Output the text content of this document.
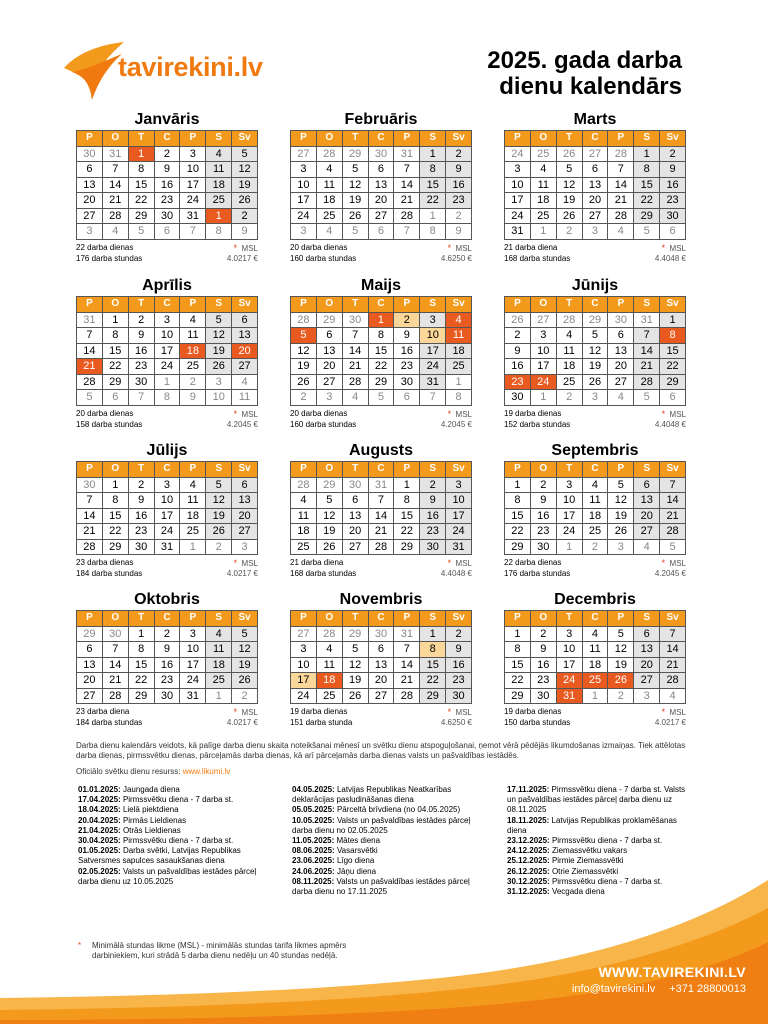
tavirekini.lv	2025. gada darba
dienu kalendārs
Janvāris
P	O	T	C	P	S	Sv
30	31	1	2	3	4	5
6	7	8	9	10	11	12
13	14	15	16	17	18	19
20	21	22	23	24	25	26
27	28	29	30	31	1	2
3	4	5	6	7	8	9
22 darba dienas	* MSL
176 darba stundas	4.0217 €
Februāris
P	O	T	C	P	S	Sv
27	28	29	30	31	1	2
3	4	5	6	7	8	9
10	11	12	13	14	15	16
17	18	19	20	21	22	23
24	25	26	27	28	1	2
3	4	5	6	7	8	9
20 darba dienas	* MSL
160 darba stundas	4.6250 €
Marts
P	O	T	C	P	S	Sv
24	25	26	27	28	1	2
3	4	5	6	7	8	9
10	11	12	13	14	15	16
17	18	19	20	21	22	23
24	25	26	27	28	29	30
31	1	2	3	4	5	6
21 darba diena	* MSL
168 darba stundas	4.4048 €
Aprīlis
P	O	T	C	P	S	Sv
31	1	2	3	4	5	6
7	8	9	10	11	12	13
14	15	16	17	18	19	20
21	22	23	24	25	26	27
28	29	30	1	2	3	4
5	6	7	8	9	10	11
20 darba dienas	* MSL
158 darba stundas	4.2045 €
Maijs
P	O	T	C	P	S	Sv
28	29	30	1	2	3	4
5	6	7	8	9	10	11
12	13	14	15	16	17	18
19	20	21	22	23	24	25
26	27	28	29	30	31	1
2	3	4	5	6	7	8
20 darba dienas	* MSL
160 darba stundas	4.2045 €
Jūnijs
P	O	T	C	P	S	Sv
26	27	28	29	30	31	1
2	3	4	5	6	7	8
9	10	11	12	13	14	15
16	17	18	19	20	21	22
23	24	25	26	27	28	29
30	1	2	3	4	5	6
19 darba dienas	* MSL
152 darba stundas	4.4048 €
Jūlijs
P	O	T	C	P	S	Sv
30	1	2	3	4	5	6
7	8	9	10	11	12	13
14	15	16	17	18	19	20
21	22	23	24	25	26	27
28	29	30	31	1	2	3
23 darba dienas	* MSL
184 darba stundas	4.0217 €
Augusts
P	O	T	C	P	S	Sv
28	29	30	31	1	2	3
4	5	6	7	8	9	10
11	12	13	14	15	16	17
18	19	20	21	22	23	24
25	26	27	28	29	30	31
21 darba diena	* MSL
168 darba stundas	4.4048 €
Septembris
P	O	T	C	P	S	Sv
1	2	3	4	5	6	7
8	9	10	11	12	13	14
15	16	17	18	19	20	21
22	23	24	25	26	27	28
29	30	1	2	3	4	5
22 darba dienas	* MSL
176 darba stundas	4.2045 €
Oktobris
P	O	T	C	P	S	Sv
29	30	1	2	3	4	5
6	7	8	9	10	11	12
13	14	15	16	17	18	19
20	21	22	23	24	25	26
27	28	29	30	31	1	2
23 darba diena	* MSL
184 darba stundas	4.0217 €
Novembris
P	O	T	C	P	S	Sv
27	28	29	30	31	1	2
3	4	5	6	7	8	9
10	11	12	13	14	15	16
17	18	19	20	21	22	23
24	25	26	27	28	29	30
19 darba dienas	* MSL
151 darba stunda	4.6250 €
Decembris
P	O	T	C	P	S	Sv
1	2	3	4	5	6	7
8	9	10	11	12	13	14
15	16	17	18	19	20	21
22	23	24	25	26	27	28
29	30	31	1	2	3	4
19 darba dienas	* MSL
150 darba stundas	4.0217 €
Darba dienu kalendārs veidots, kā palīge darba dienu skaita noteikšanai mēnesī un svētku dienu atspoguļošanai, ņemot vērā pēdējās likumdošanas izmaiņas. Tiek attēlotas darba dienas, pirmssvētku dienas, pārceļamās darba dienas, kā arī pārceļamās darba dienas valsts un pašvaldības iestādēs.
Oficiālo svētku dienu resurss: www.likumi.lv
01.01.2025: Jaungada diena
17.04.2025: Pirmssvētku diena - 7 darba st.
18.04.2025: Lielā piektdiena
20.04.2025: Pirmās Lieldienas
21.04.2025: Otrās Lieldienas
30.04.2025: Pirmssvētku diena - 7 darba st.
01.05.2025: Darba svētki, Latvijas Republikas Satversmes sapulces sasaukšanas diena
02.05.2025: Valsts un pašvaldības iestādes pārceļ darba dienu uz 10.05.2025
04.05.2025: Latvijas Republikas Neatkarības deklarācijas pasludināšanas diena
05.05.2025: Pārceltā brīvdiena (no 04.05.2025)
10.05.2025: Valsts un pašvaldības iestādes pārceļ darba dienu no 02.05.2025
11.05.2025: Mātes diena
08.06.2025: Vasarsvētki
23.06.2025: Līgo diena
24.06.2025: Jāņu diena
08.11.2025: Valsts un pašvaldības iestādes pārceļ darba dienu no 17.11.2025
17.11.2025: Pirmssvētku diena - 7 darba st. Valsts un pašvaldības iestādes pārceļ darba dienu uz 08.11.2025
18.11.2025: Latvijas Republikas proklamēšanas diena
23.12.2025: Pirmssvētku diena - 7 darba st.
24.12.2025: Ziemassvētku vakars
25.12.2025: Pirmie Ziemassvētki
26.12.2025: Otrie Ziemassvētki
30.12.2025: Pirmssvētku diena - 7 darba st.
31.12.2025: Vecgada diena
*	Minimālā stundas likme (MSL) - minimālās stundas tarifa likmes apmērs darbiniekiem, kuri strādā 5 darba dienu nedēļu un 40 stundas nedēļā.
WWW.TAVIREKINI.LV
info@tavirekini.lv +371 28800013
